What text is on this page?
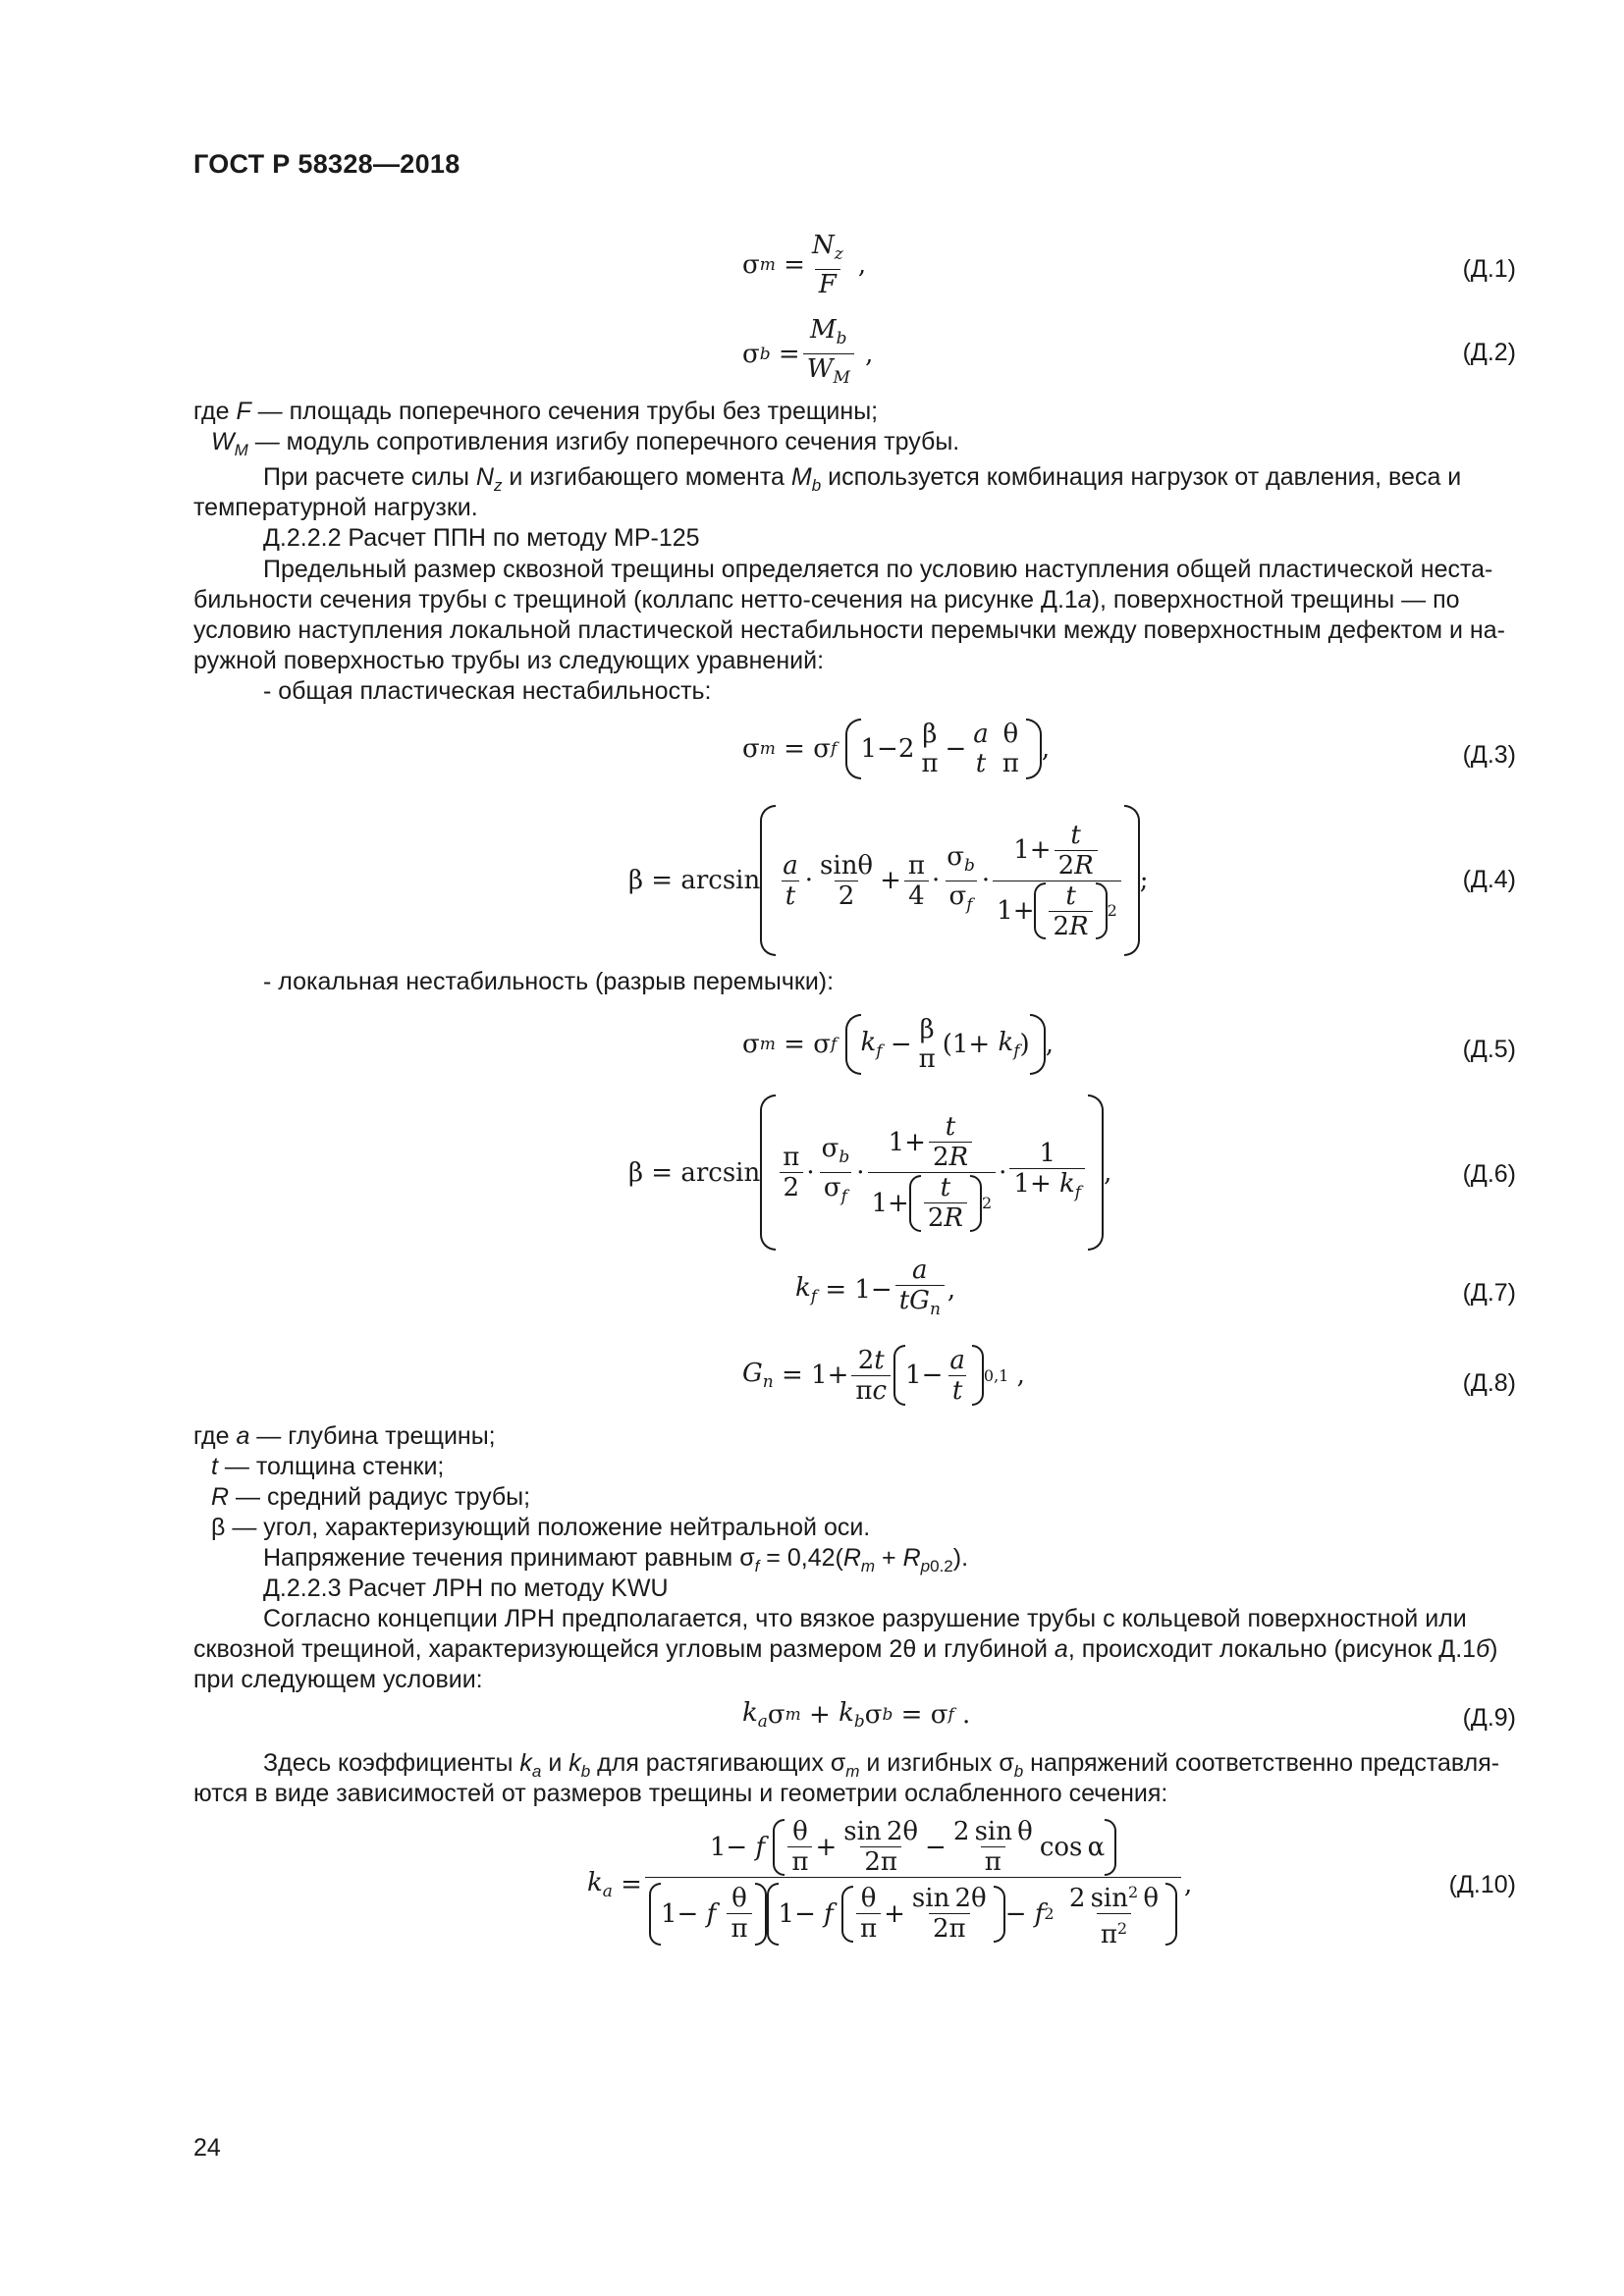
ГОСТ Р 58328—2018
σ $m = \frac{N_z}{F}$ ,	(Д.1)
σ $b = \frac{M_b}{W_M}$ ,	(Д.2)
где F — площадь поперечного сечения трубы без трещины;
$W_M$ — модуль сопротивления изгибу поперечного сечения трубы.
При расчете силы $N_z$ и изгибающего момента $M_b$ используется комбинация нагрузок от давления, веса и
температурной нагрузки.
Д.2.2.2 Расчет ППН по методу МР-125
Предельный размер сквозной трещины определяется по условию наступления общей пластической неста-
бильности сечения трубы с трещиной (коллапс нетто-сечения на рисунке Д.1а), поверхностной трещины — по
условию наступления локальной пластической нестабильности перемычки между поверхностным дефектом и на-
ружной поверхностью трубы из следующих уравнений:
- общая пластическая нестабильность:
σ m = σ f
1−2 β
π − a
t
θ
π ,	(Д.3)
$\beta = \arcsin \frac{a}{t} \cdot \frac{\sin\theta}{2} + \frac{\pi}{4} \cdot \frac{\sigma_b}{\sigma_f} \cdot \frac{1+ \frac{t}{2R}}{1+ \frac{t}{2R} 2}$ ;	(Д.4)
- локальная нестабильность (разрыв перемычки):
σ m = σ f
$k_f - \beta$
π ($1+ k_f$ ) ,	(Д.5)
$\beta = \arcsin \frac{\pi}{2} \cdot \frac{\sigma_b}{\sigma_f} \cdot \frac{1+ \frac{t}{2R}}{1+ \frac{t}{2R} 2} \cdot \frac{1}{1+ k_f}$ ,	(Д.6)
$k_f = 1- \frac{a}{tG_n}$ ,	(Д.7)
$G_n = 1+ \frac{2t}{\pi c} 1- \frac{a}{t} 0,1$ ,	(Д.8)
где а — глубина трещины;
t — толщина стенки;
R — средний радиус трубы;
β — угол, характеризующий положение нейтральной оси.
Напряжение течения принимают равным $\sigma_f = 0,42(R_m + R_{p0.2})$.
Д.2.2.3 Расчет ЛРН по методу KWU
Согласно концепции ЛРН предполагается, что вязкое разрушение трубы с кольцевой поверхностной или
сквозной трещиной, характеризующейся угловым размером 2θ и глубиной а, происходит локально (рисунок Д.1б)
при следующем условии:
$k_a$ σ $m + k_b$ σ b = σ f .	(Д.9)
Здесь коэффициенты $k_a$ и $k_b$ для растягивающих $\sigma_m$ и изгибных $\sigma_b$ напряжений соответственно представля-
ются в виде зависимостей от размеров трещины и геометрии ослабленного сечения:
$k_a = 1- f$
$\frac{\theta}{\pi} + \frac{\sin 2\theta}{2\pi} - \frac{\text{2 sin θ}}{\pi}$ cos α
1− f
$\frac{\theta}{\pi} 1- f$
$\frac{\theta}{\pi} + \frac{\sin 2\theta}{2\pi} - f$ 2
$\frac{2 \sin^2 \theta}{\pi^2}$ ,	(Д.10)
24
